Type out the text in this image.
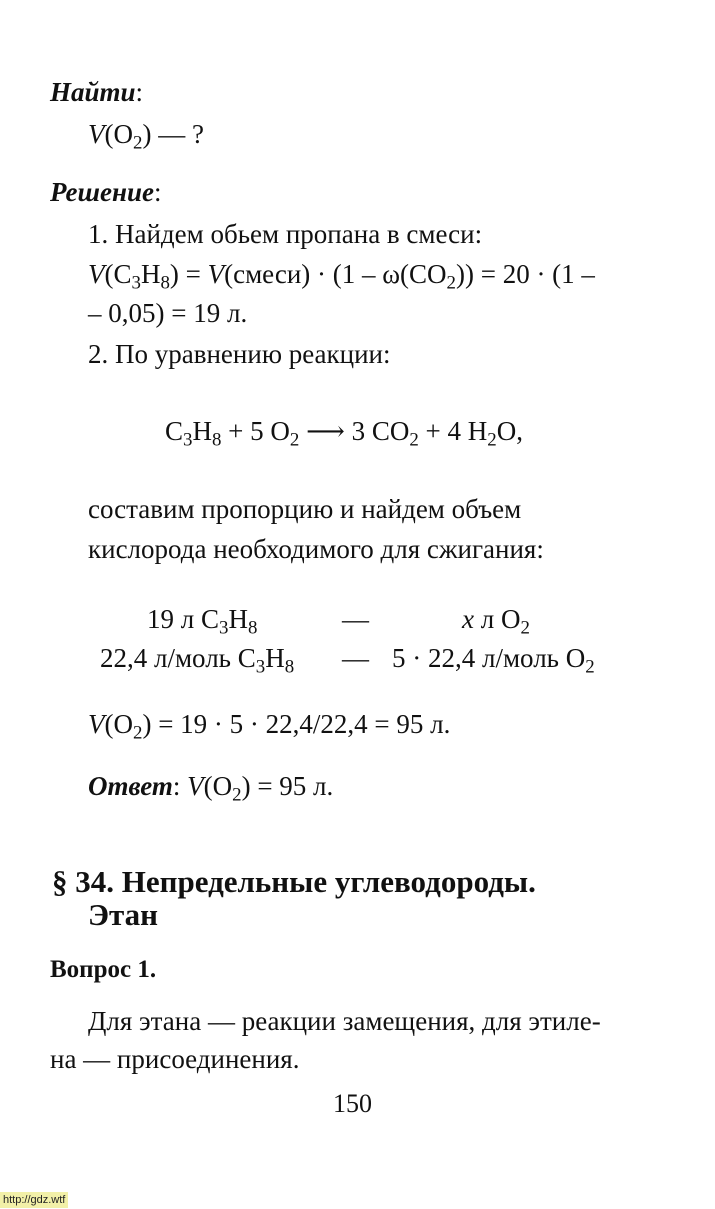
Найти:
$V(O_2)$ — ?
Решение:
1. Найдем обьем пропана в смеси:
$V(C_3H_8)$ = V(смеси) · $(1 - \omega(CO_2)) = 20 \cdot (1$ –
– 0,05) = 19 л.
2. По уравнению реакции:
$C_3H_8 + 5$ $O_2$ ⟶ 3 $CO_2 + 4$ $H_2O$,
составим пропорцию и найдем объем
кислорода необходимого для сжигания:
19 л $C_3H_8$	—	x л $O_2$
22,4 л/моль $C_3H_8$ — 5 · 22,4 л/моль $O_2$
$V(O_2) = 19 \cdot 5 \cdot 22,4/22,4 = 95$ л.
Ответ: $V(O_2) = 95$ л.
§ 34. Непредельные углеводороды.
Этан
Вопрос 1.
Для этана — реакции замещения, для этиле-
на — присоединения.
150
http://gdz.wtf
